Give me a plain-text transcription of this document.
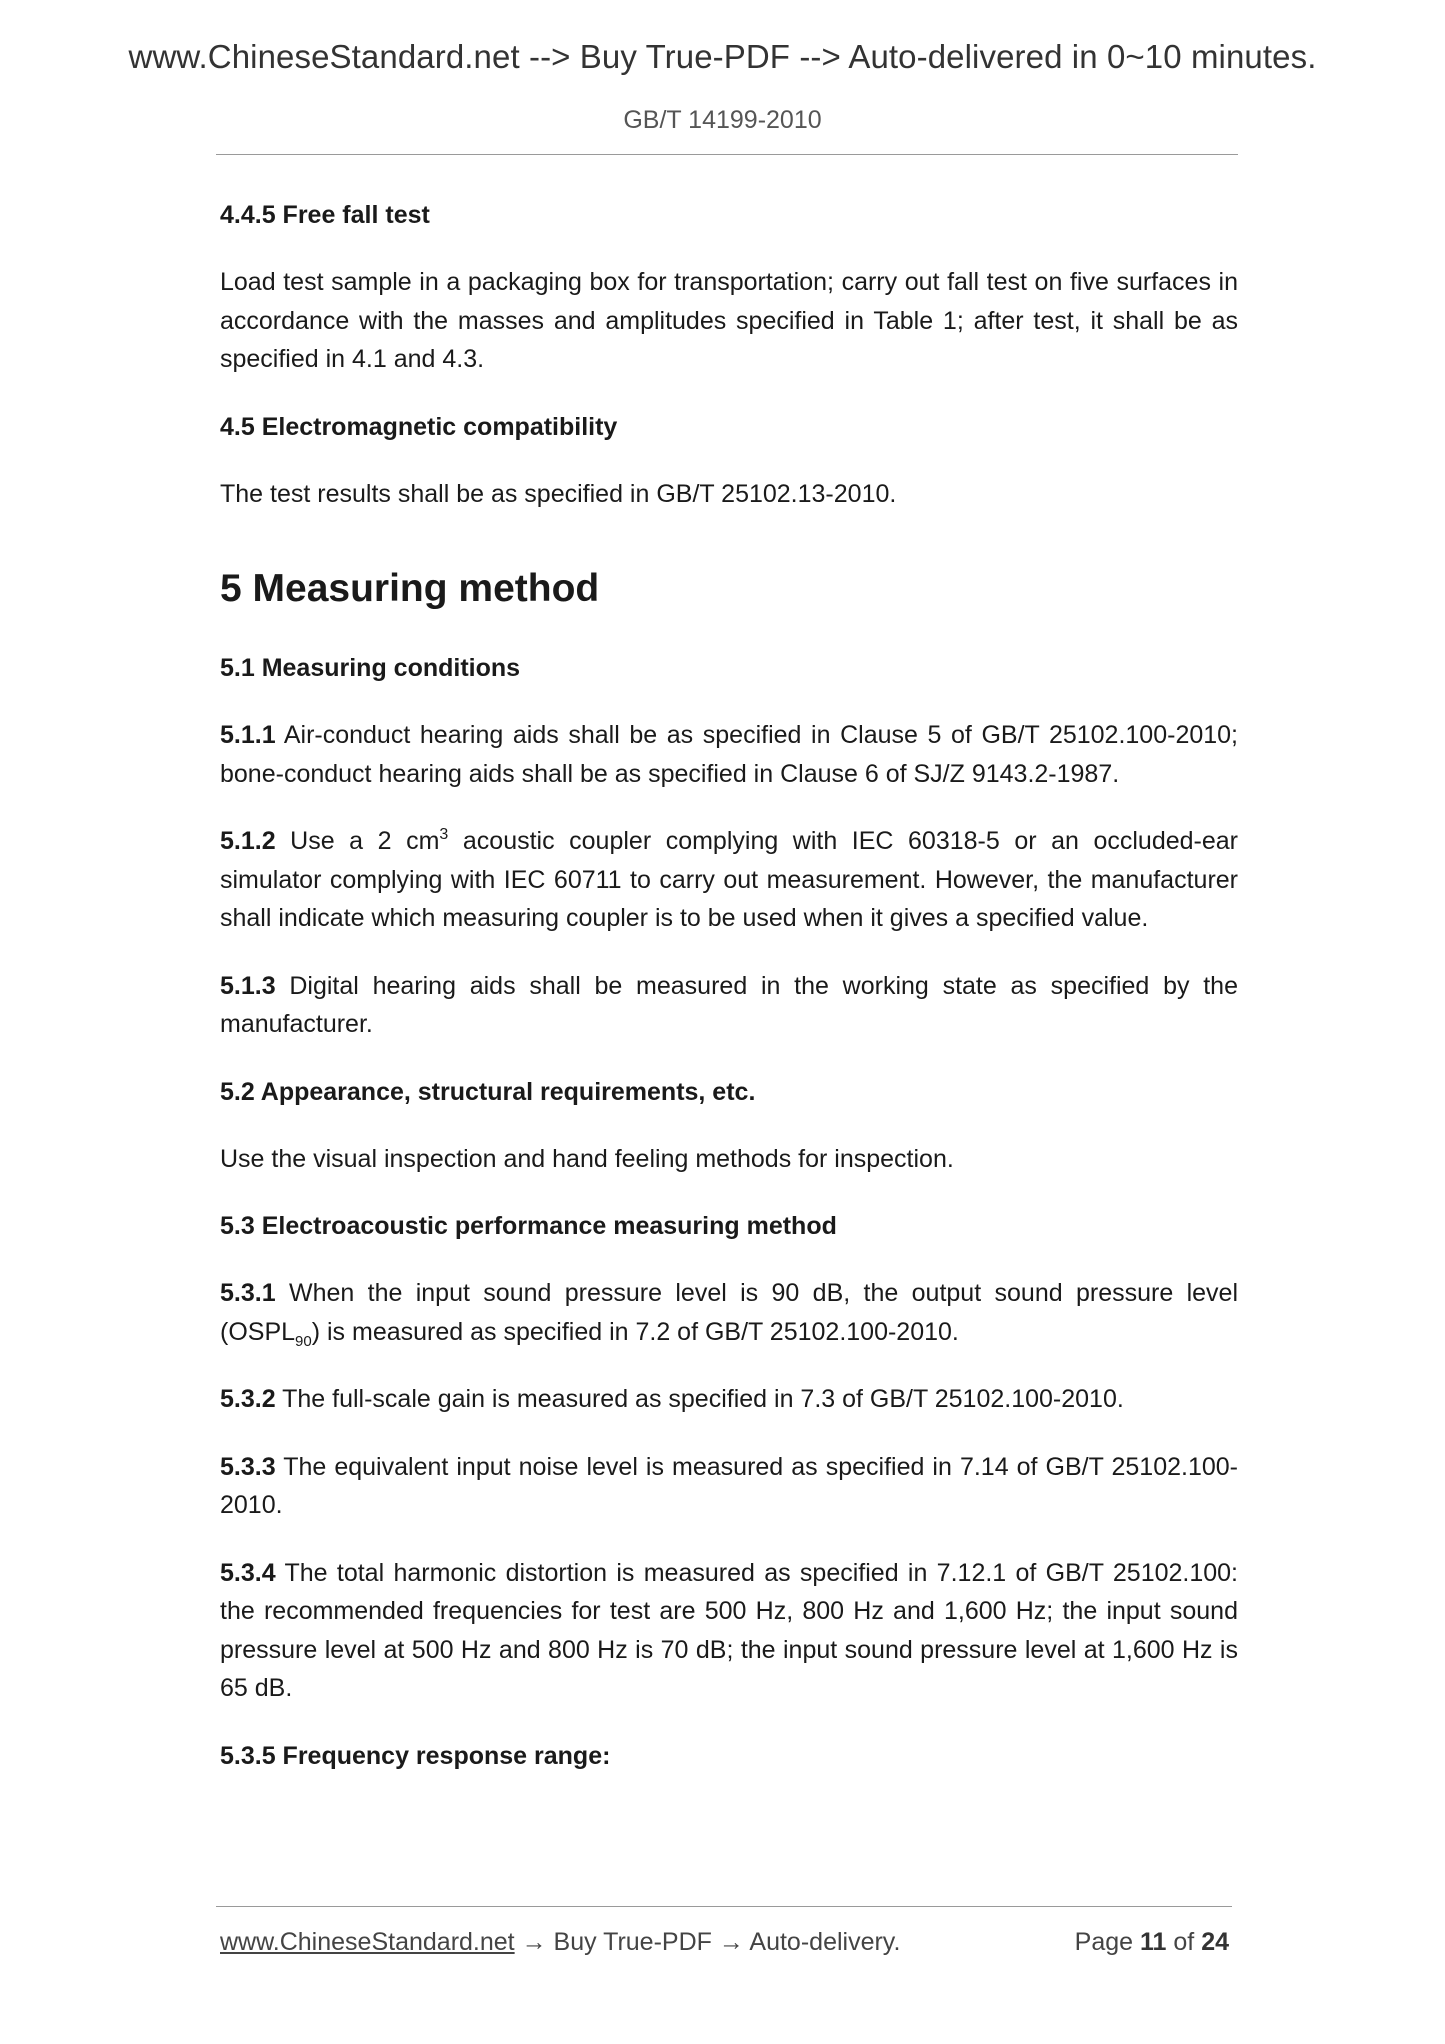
www.ChineseStandard.net --> Buy True-PDF --> Auto-delivered in 0~10 minutes.
GB/T 14199-2010
4.4.5 Free fall test
Load test sample in a packaging box for transportation; carry out fall test on five surfaces in accordance with the masses and amplitudes specified in Table 1; after test, it shall be as specified in 4.1 and 4.3.
4.5 Electromagnetic compatibility
The test results shall be as specified in GB/T 25102.13-2010.
5 Measuring method
5.1 Measuring conditions
5.1.1 Air-conduct hearing aids shall be as specified in Clause 5 of GB/T 25102.100-2010; bone-conduct hearing aids shall be as specified in Clause 6 of SJ/Z 9143.2-1987.
5.1.2 Use a 2 $cm^3$ acoustic coupler complying with IEC 60318-5 or an occluded-ear simulator complying with IEC 60711 to carry out measurement. However, the manufacturer shall indicate which measuring coupler is to be used when it gives a specified value.
5.1.3 Digital hearing aids shall be measured in the working state as specified by the manufacturer.
5.2 Appearance, structural requirements, etc.
Use the visual inspection and hand feeling methods for inspection.
5.3 Electroacoustic performance measuring method
5.3.1 When the input sound pressure level is 90 dB, the output sound pressure level $(OSPL_{90})$ is measured as specified in 7.2 of GB/T 25102.100-2010.
5.3.2 The full-scale gain is measured as specified in 7.3 of GB/T 25102.100-2010.
5.3.3 The equivalent input noise level is measured as specified in 7.14 of GB/T 25102.100-2010.
5.3.4 The total harmonic distortion is measured as specified in 7.12.1 of GB/T 25102.100: the recommended frequencies for test are 500 Hz, 800 Hz and 1,600 Hz; the input sound pressure level at 500 Hz and 800 Hz is 70 dB; the input sound pressure level at 1,600 Hz is 65 dB.
5.3.5 Frequency response range:
www.ChineseStandard.net → Buy True-PDF → Auto-delivery.	Page 11 of 24
